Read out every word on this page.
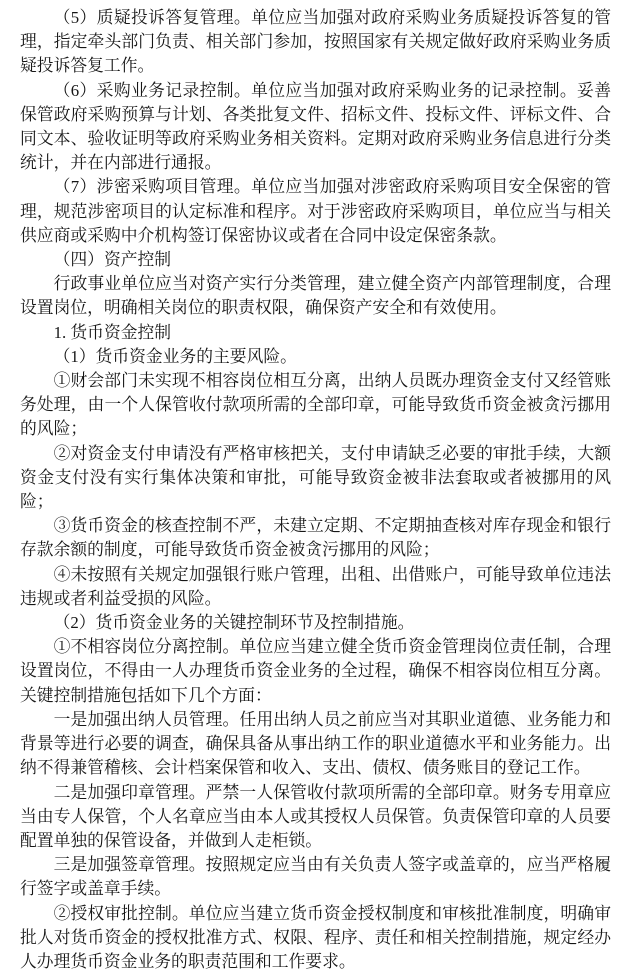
（5）质疑投诉答复管理。单位应当加强对政府采购业务质疑投诉答复的管理，指定牵头部门负责、相关部门参加，按照国家有关规定做好政府采购业务质疑投诉答复工作。

（6）采购业务记录控制。单位应当加强对政府采购业务的记录控制。妥善保管政府采购预算与计划、各类批复文件、招标文件、投标文件、评标文件、合同文本、验收证明等政府采购业务相关资料。定期对政府采购业务信息进行分类统计，并在内部进行通报。

（7）涉密采购项目管理。单位应当加强对涉密政府采购项目安全保密的管理，规范涉密项目的认定标准和程序。对于涉密政府采购项目，单位应当与相关供应商或采购中介机构签订保密协议或者在合同中设定保密条款。

（四）资产控制

行政事业单位应当对资产实行分类管理，建立健全资产内部管理制度，合理设置岗位，明确相关岗位的职责权限，确保资产安全和有效使用。

1. 货币资金控制

（1）货币资金业务的主要风险。

①财会部门未实现不相容岗位相互分离，出纳人员既办理资金支付又经管账务处理，由一个人保管收付款项所需的全部印章，可能导致货币资金被贪污挪用的风险；

②对资金支付申请没有严格审核把关，支付申请缺乏必要的审批手续，大额资金支付没有实行集体决策和审批，可能导致资金被非法套取或者被挪用的风险；

③货币资金的核查控制不严，未建立定期、不定期抽查核对库存现金和银行存款余额的制度，可能导致货币资金被贪污挪用的风险；

④未按照有关规定加强银行账户管理，出租、出借账户，可能导致单位违法违规或者利益受损的风险。

（2）货币资金业务的关键控制环节及控制措施。

①不相容岗位分离控制。单位应当建立健全货币资金管理岗位责任制，合理设置岗位，不得由一人办理货币资金业务的全过程，确保不相容岗位相互分离。关键控制措施包括如下几个方面：

一是加强出纳人员管理。任用出纳人员之前应当对其职业道德、业务能力和背景等进行必要的调查，确保具备从事出纳工作的职业道德水平和业务能力。出纳不得兼管稽核、会计档案保管和收入、支出、债权、债务账目的登记工作。

二是加强印章管理。严禁一人保管收付款项所需的全部印章。财务专用章应当由专人保管，个人名章应当由本人或其授权人员保管。负责保管印章的人员要配置单独的保管设备，并做到人走柜锁。

三是加强签章管理。按照规定应当由有关负责人签字或盖章的，应当严格履行签字或盖章手续。

②授权审批控制。单位应当建立货币资金授权制度和审核批准制度，明确审批人对货币资金的授权批准方式、权限、程序、责任和相关控制措施，规定经办人办理货币资金业务的职责范围和工作要求。
